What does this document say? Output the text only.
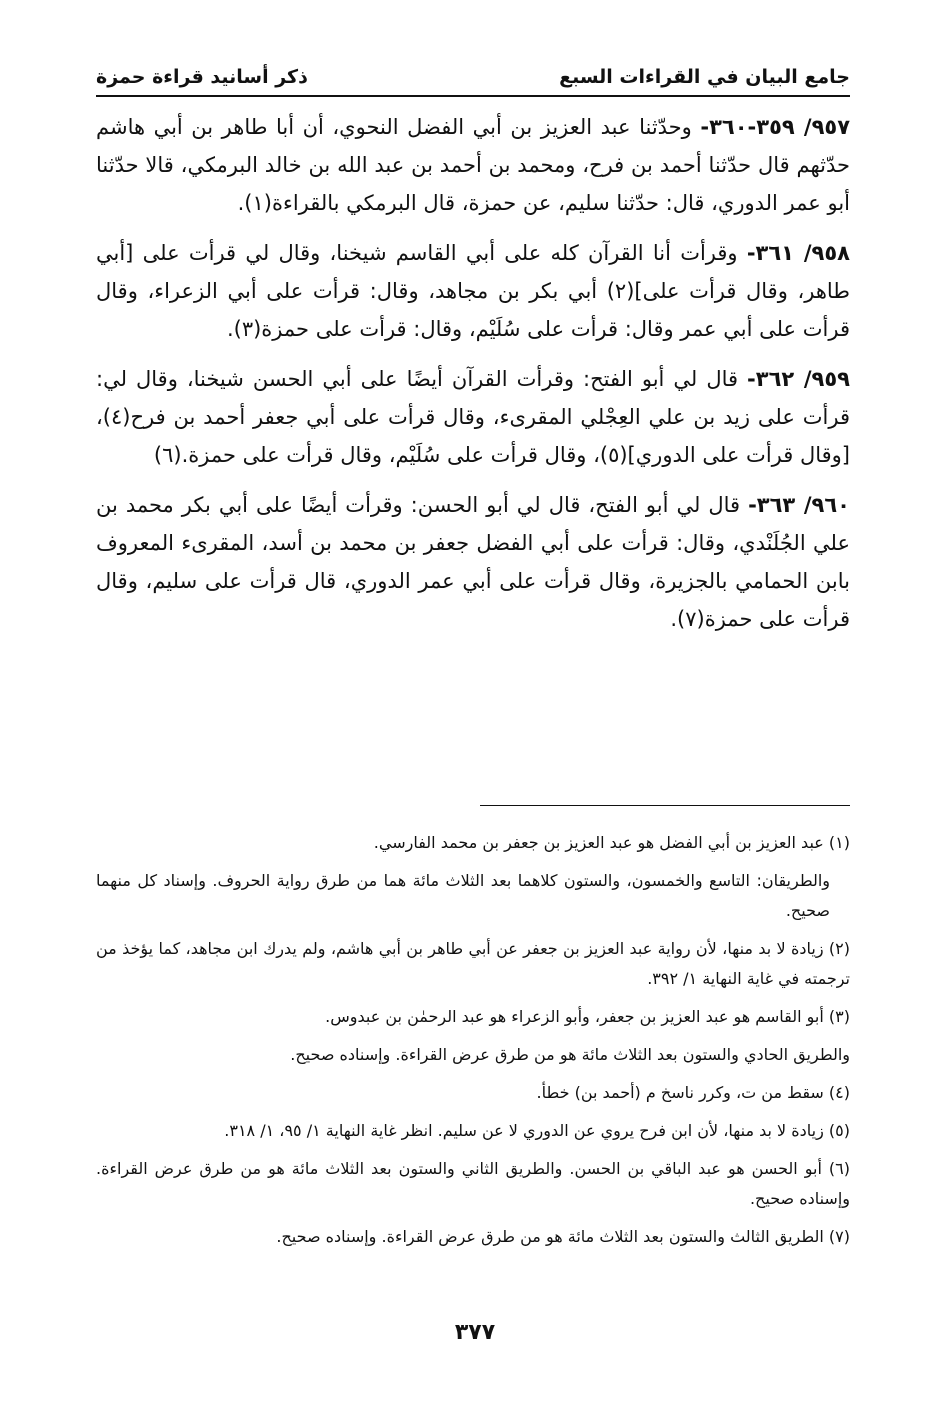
جامع البيان في القراءات السبع
ذكر أسانيد قراءة حمزة

٩٥٧/ ٣٥٩-٣٦٠- وحدّثنا عبد العزيز بن أبي الفضل النحوي، أن أبا طاهر بن أبي هاشم حدّثهم قال حدّثنا أحمد بن فرح، ومحمد بن أحمد بن عبد الله بن خالد البرمكي، قالا حدّثنا أبو عمر الدوري، قال: حدّثنا سليم، عن حمزة، قال البرمكي بالقراءة(١).

٩٥٨/ ٣٦١- وقرأت أنا القرآن كله على أبي القاسم شيخنا، وقال لي قرأت على [أبي طاهر، وقال قرأت على](٢) أبي بكر بن مجاهد، وقال: قرأت على أبي الزعراء، وقال قرأت على أبي عمر وقال: قرأت على سُلَيْم، وقال: قرأت على حمزة(٣).

٩٥٩/ ٣٦٢- قال لي أبو الفتح: وقرأت القرآن أيضًا على أبي الحسن شيخنا، وقال لي: قرأت على زيد بن علي العِجْلي المقرىء، وقال قرأت على أبي جعفر أحمد بن فرح(٤)، [وقال قرأت على الدوري](٥)، وقال قرأت على سُلَيْم، وقال قرأت على حمزة.(٦)

٩٦٠/ ٣٦٣- قال لي أبو الفتح، قال لي أبو الحسن: وقرأت أيضًا على أبي بكر محمد بن علي الجُلَنْدي، وقال: قرأت على أبي الفضل جعفر بن محمد بن أسد، المقرىء المعروف بابن الحمامي بالجزيرة، وقال قرأت على أبي عمر الدوري، قال قرأت على سليم، وقال قرأت على حمزة(٧).

(١) عبد العزيز بن أبي الفضل هو عبد العزيز بن جعفر بن محمد الفارسي.

والطريقان: التاسع والخمسون، والستون كلاهما بعد الثلاث مائة هما من طرق رواية الحروف. وإسناد كل منهما صحيح.

(٢) زيادة لا بد منها، لأن رواية عبد العزيز بن جعفر عن أبي طاهر بن أبي هاشم، ولم يدرك ابن مجاهد، كما يؤخذ من ترجمته في غاية النهاية ١/ ٣٩٢.

(٣) أبو القاسم هو عبد العزيز بن جعفر، وأبو الزعراء هو عبد الرحمٰن بن عبدوس.

والطريق الحادي والستون بعد الثلاث مائة هو من طرق عرض القراءة. وإسناده صحيح.

(٤) سقط من ت، وكرر ناسخ م (أحمد بن) خطأ.

(٥) زيادة لا بد منها، لأن ابن فرح يروي عن الدوري لا عن سليم. انظر غاية النهاية ١/ ٩٥، ١/ ٣١٨.

(٦) أبو الحسن هو عبد الباقي بن الحسن. والطريق الثاني والستون بعد الثلاث مائة هو من طرق عرض القراءة. وإسناده صحيح.

(٧) الطريق الثالث والستون بعد الثلاث مائة هو من طرق عرض القراءة. وإسناده صحيح.

٣٧٧
